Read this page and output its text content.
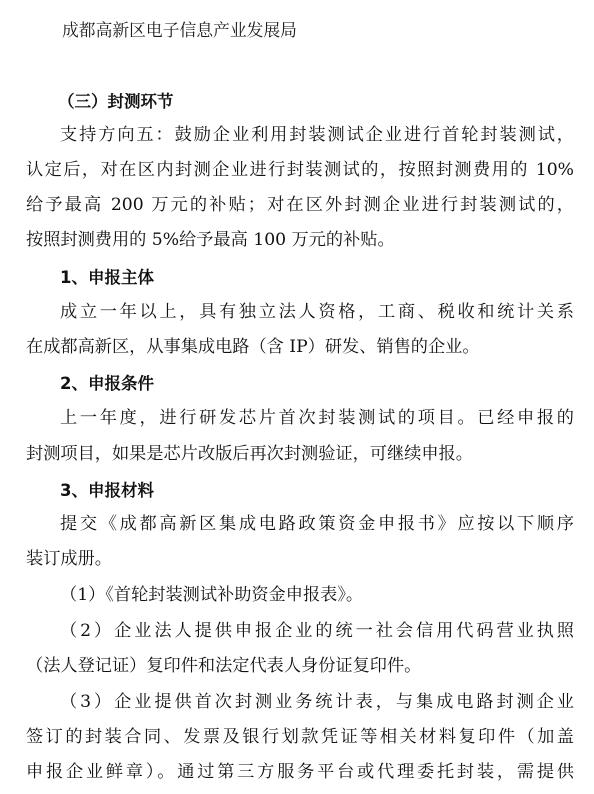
成都高新区电子信息产业发展局
（三）封测环节
支持方向五：鼓励企业利用封装测试企业进行首轮封装测试，
认定后，对在区内封测企业进行封装测试的，按照封测费用的 10%
给予最高 200 万元的补贴；对在区外封测企业进行封装测试的，
按照封测费用的 5%给予最高 100 万元的补贴。
1、申报主体
成立一年以上，具有独立法人资格，工商、税收和统计关系
在成都高新区，从事集成电路（含 IP）研发、销售的企业。
2、申报条件
上一年度，进行研发芯片首次封装测试的项目。已经申报的
封测项目，如果是芯片改版后再次封测验证，可继续申报。
3、申报材料
提交《成都高新区集成电路政策资金申报书》应按以下顺序
装订成册。
（1）《首轮封装测试补助资金申报表》。
（2）企业法人提供申报企业的统一社会信用代码营业执照
（法人登记证）复印件和法定代表人身份证复印件。
（3）企业提供首次封测业务统计表，与集成电路封测企业
签订的封装合同、发票及银行划款凭证等相关材料复印件（加盖
申报企业鲜章）。通过第三方服务平台或代理委托封装，需提供
